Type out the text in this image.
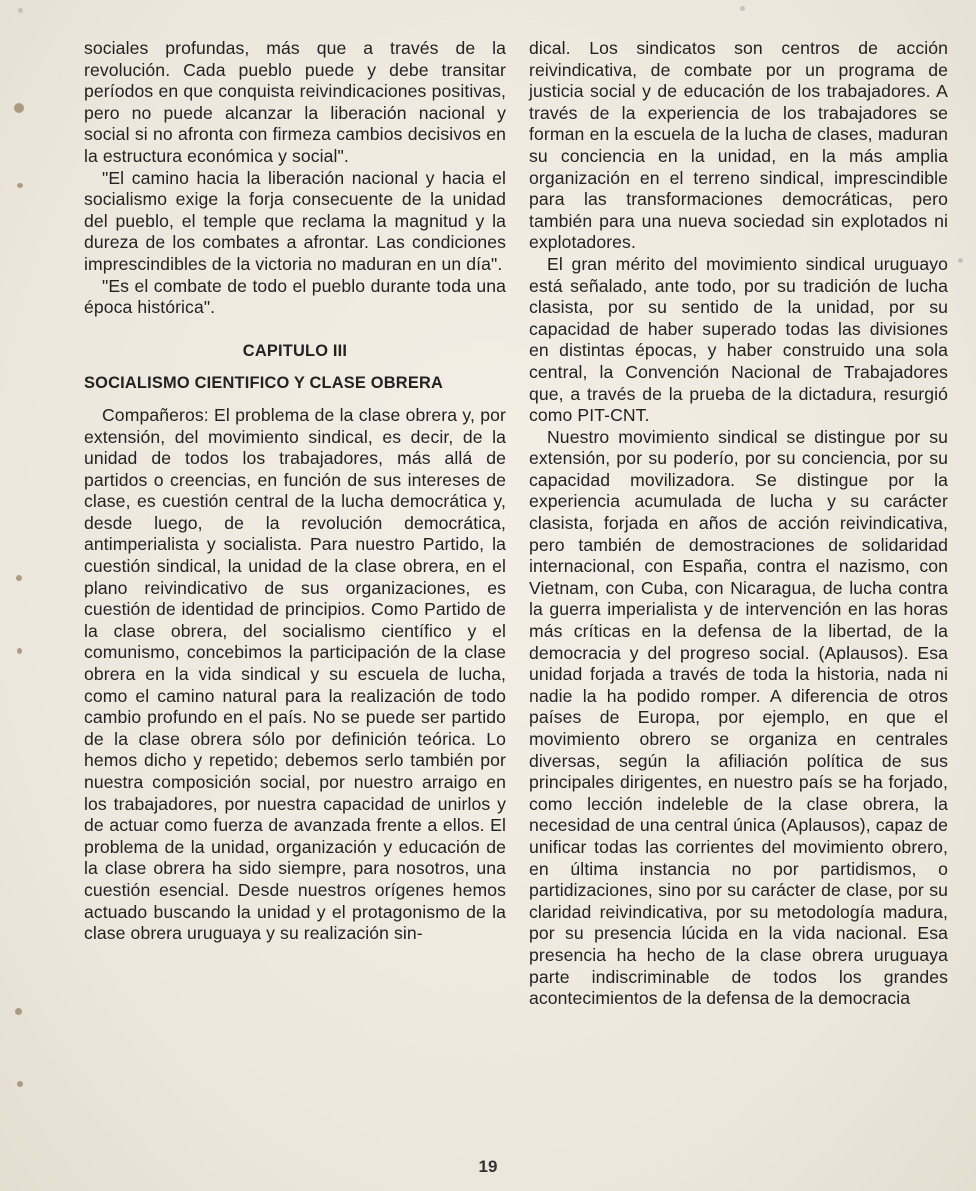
sociales profundas, más que a través de la revolución. Cada pueblo puede y debe transitar períodos en que conquista reivindicaciones positivas, pero no puede alcanzar la liberación nacional y social si no afronta con firmeza cambios decisivos en la estructura económica y social".

"El camino hacia la liberación nacional y hacia el socialismo exige la forja consecuente de la unidad del pueblo, el temple que reclama la magnitud y la dureza de los combates a afrontar. Las condiciones imprescindibles de la victoria no maduran en un día".

"Es el combate de todo el pueblo durante toda una época histórica".

CAPITULO III
SOCIALISMO CIENTIFICO Y CLASE OBRERA

Compañeros: El problema de la clase obrera y, por extensión, del movimiento sindical, es decir, de la unidad de todos los trabajadores, más allá de partidos o creencias, en función de sus intereses de clase, es cuestión central de la lucha democrática y, desde luego, de la revolución democrática, antimperialista y socialista. Para nuestro Partido, la cuestión sindical, la unidad de la clase obrera, en el plano reivindicativo de sus organizaciones, es cuestión de identidad de principios. Como Partido de la clase obrera, del socialismo científico y el comunismo, concebimos la participación de la clase obrera en la vida sindical y su escuela de lucha, como el camino natural para la realización de todo cambio profundo en el país. No se puede ser partido de la clase obrera sólo por definición teórica. Lo hemos dicho y repetido; debemos serlo también por nuestra composición social, por nuestro arraigo en los trabajadores, por nuestra capacidad de unirlos y de actuar como fuerza de avanzada frente a ellos. El problema de la unidad, organización y educación de la clase obrera ha sido siempre, para nosotros, una cuestión esencial. Desde nuestros orígenes hemos actuado buscando la unidad y el protagonismo de la clase obrera uruguaya y su realización sin-

dical. Los sindicatos son centros de acción reivindicativa, de combate por un programa de justicia social y de educación de los trabajadores. A través de la experiencia de los trabajadores se forman en la escuela de la lucha de clases, maduran su conciencia en la unidad, en la más amplia organización en el terreno sindical, imprescindible para las transformaciones democráticas, pero también para una nueva sociedad sin explotados ni explotadores.

El gran mérito del movimiento sindical uruguayo está señalado, ante todo, por su tradición de lucha clasista, por su sentido de la unidad, por su capacidad de haber superado todas las divisiones en distintas épocas, y haber construido una sola central, la Convención Nacional de Trabajadores que, a través de la prueba de la dictadura, resurgió como PIT-CNT.

Nuestro movimiento sindical se distingue por su extensión, por su poderío, por su conciencia, por su capacidad movilizadora. Se distingue por la experiencia acumulada de lucha y su carácter clasista, forjada en años de acción reivindicativa, pero también de demostraciones de solidaridad internacional, con España, contra el nazismo, con Vietnam, con Cuba, con Nicaragua, de lucha contra la guerra imperialista y de intervención en las horas más críticas en la defensa de la libertad, de la democracia y del progreso social. (Aplausos). Esa unidad forjada a través de toda la historia, nada ni nadie la ha podido romper. A diferencia de otros países de Europa, por ejemplo, en que el movimiento obrero se organiza en centrales diversas, según la afiliación política de sus principales dirigentes, en nuestro país se ha forjado, como lección indeleble de la clase obrera, la necesidad de una central única (Aplausos), capaz de unificar todas las corrientes del movimiento obrero, en última instancia no por partidismos, o partidizaciones, sino por su carácter de clase, por su claridad reivindicativa, por su metodología madura, por su presencia lúcida en la vida nacional. Esa presencia ha hecho de la clase obrera uruguaya parte indiscriminable de todos los grandes acontecimientos de la defensa de la democracia

19
